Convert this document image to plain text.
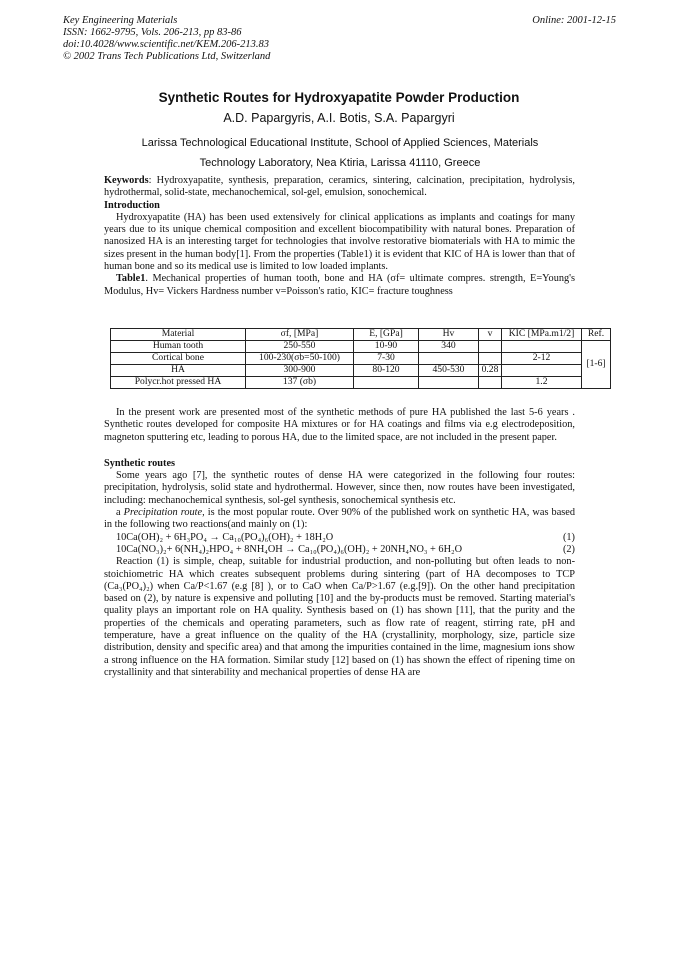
Key Engineering Materials
ISSN: 1662-9795, Vols. 206-213, pp 83-86
doi:10.4028/www.scientific.net/KEM.206-213.83
© 2002 Trans Tech Publications Ltd, Switzerland
Online: 2001-12-15
Synthetic Routes for Hydroxyapatite Powder Production
A.D. Papargyris, A.I. Botis, S.A. Papargyri
Larissa Technological Educational Institute, School of Applied Sciences, Materials
Technology Laboratory, Nea Ktiria, Larissa 41110, Greece

Keywords: Hydroxyapatite, synthesis, preparation, ceramics, sintering, calcination, precipitation, hydrolysis, hydrothermal, solid-state, mechanochemical, sol-gel, emulsion, sonochemical.

Introduction

Hydroxyapatite (HA) has been used extensively for clinical applications as implants and coatings for many years due to its unique chemical composition and excellent biocompatibility with natural bones. Preparation of nanosized HA is an interesting target for technologies that involve restorative biomaterials with HA to mimic the sizes present in the human body[1]. From the properties (Table1) it is evident that KIC of HA is lower than that of human bone and so its medical use is limited to low loaded implants.

Table1. Mechanical properties of human tooth, bone and HA (σf= ultimate compres. strength, E=Young's Modulus, Hv= Vickers Hardness number v=Poisson's ratio, KIC= fracture toughness

Material	σf, [MPa]	E, [GPa]	Hv	v	KIC [MPa.m1/2]	Ref.
Human tooth	250-550	10-90	340			[1-6]
Cortical bone	100-230(σb=50-100)	7-30			2-12	
HA	300-900	80-120	450-530	0.28		
Polycr.hot pressed HA	137 (σb)				1.2	

In the present work are presented most of the synthetic methods of pure HA published the last 5-6 years . Synthetic routes developed for composite HA mixtures or for HA coatings and films via e.g electrodeposition, magneton sputtering etc, leading to porous HA, due to the limited space, are not included in the present paper.

Synthetic routes

Some years ago [7], the synthetic routes of dense HA were categorized in the following four routes: precipitation, hydrolysis, solid state and hydrothermal. However, since then, now routes have been investigated, including: mechanochemical synthesis, sol-gel synthesis, sonochemical synthesis etc.

a Precipitation route, is the most popular route. Over 90% of the published work on synthetic HA, was based in the following two reactions(and mainly on (1):

10Ca(OH)₂ + 6H₃PO₄ → Ca₁₀(PO₄)₆(OH)₂ + 18H₂O	(1)
10Ca(NO₃)₂+ 6(NH₄)₂HPO₄ + 8NH₄OH → Ca₁₀(PO₄)₆(OH)₂ + 20NH₄NO₃ + 6H₂O	(2)

Reaction (1) is simple, cheap, suitable for industrial production, and non-polluting but often leads to non-stoichiometric HA which creates subsequent problems during sintering (part of HA decomposes to TCP (Ca₃(PO₄)₂) when Ca/P<1.67 (e.g [8] ), or to CaO when Ca/P>1.67 (e.g.[9]). On the other hand precipitation based on (2), by nature is expensive and polluting [10] and the by-products must be removed. Starting material's quality plays an important role on HA quality. Synthesis based on (1) has shown [11], that the purity and the properties of the chemicals and operating parameters, such as flow rate of reagent, stirring rate, pH and temperature, have a great influence on the quality of the HA (crystallinity, morphology, size, particle size distribution, density and specific area) and that among the impurities contained in the lime, magnesium ions show a strong influence on the HA formation. Similar study [12] based on (1) has shown the effect of ripening time on crystallinity and that sinterability and mechanical properties of dense HA are
